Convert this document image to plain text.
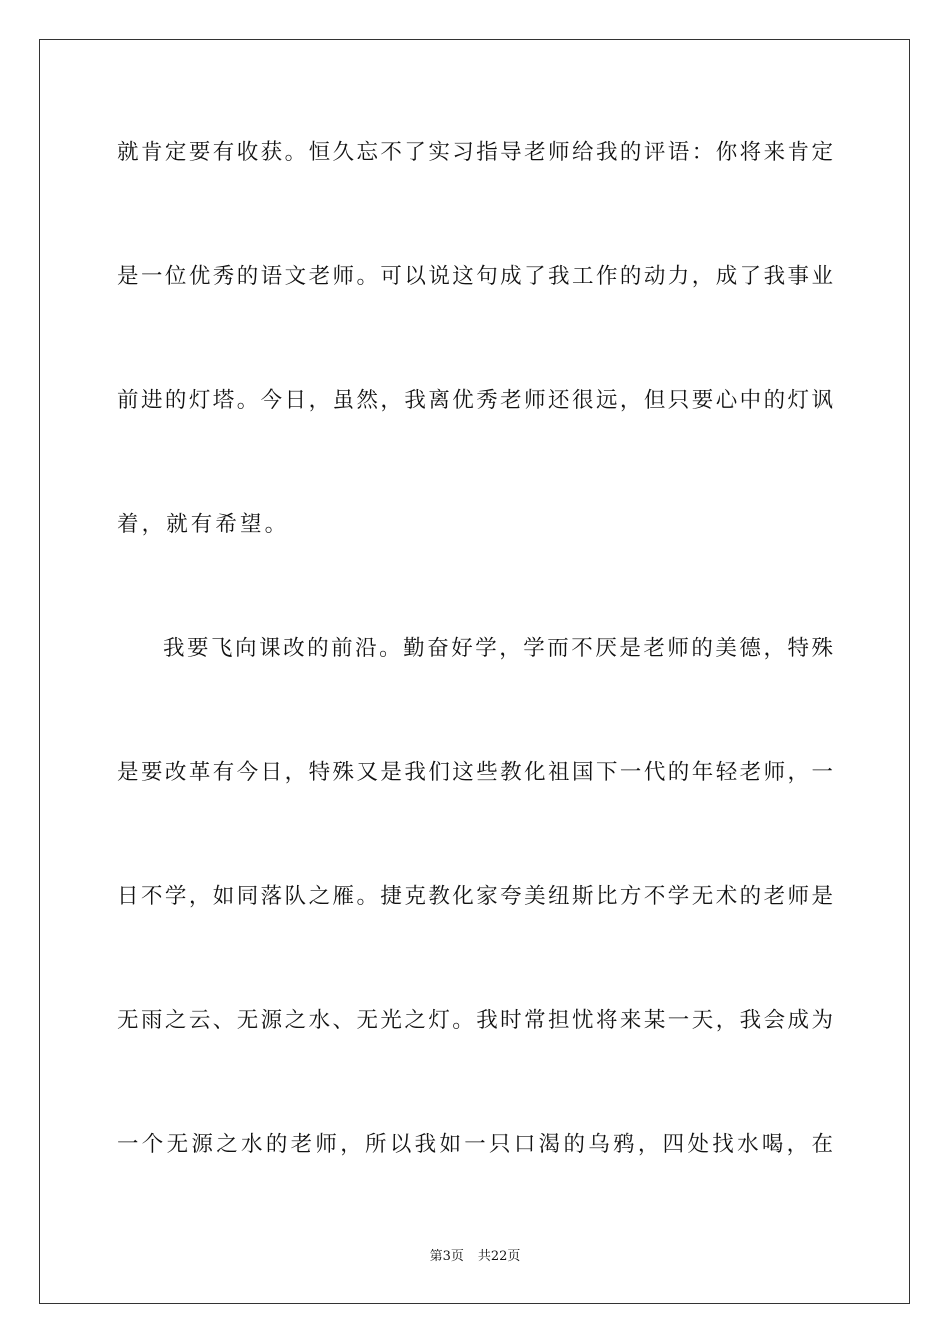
就肯定要有收获。恒久忘不了实习指导老师给我的评语：你将来肯定
是一位优秀的语文老师。可以说这句成了我工作的动力，成了我事业
前进的灯塔。今日，虽然，我离优秀老师还很远，但只要心中的灯讽
着，就有希望。
我要飞向课改的前沿。勤奋好学，学而不厌是老师的美德，特殊
是要改革有今日，特殊又是我们这些教化祖国下一代的年轻老师，一
日不学，如同落队之雁。捷克教化家夸美纽斯比方不学无术的老师是
无雨之云、无源之水、无光之灯。我时常担忧将来某一天，我会成为
一个无源之水的老师，所以我如一只口渴的乌鸦，四处找水喝，在
第3页 共22页
